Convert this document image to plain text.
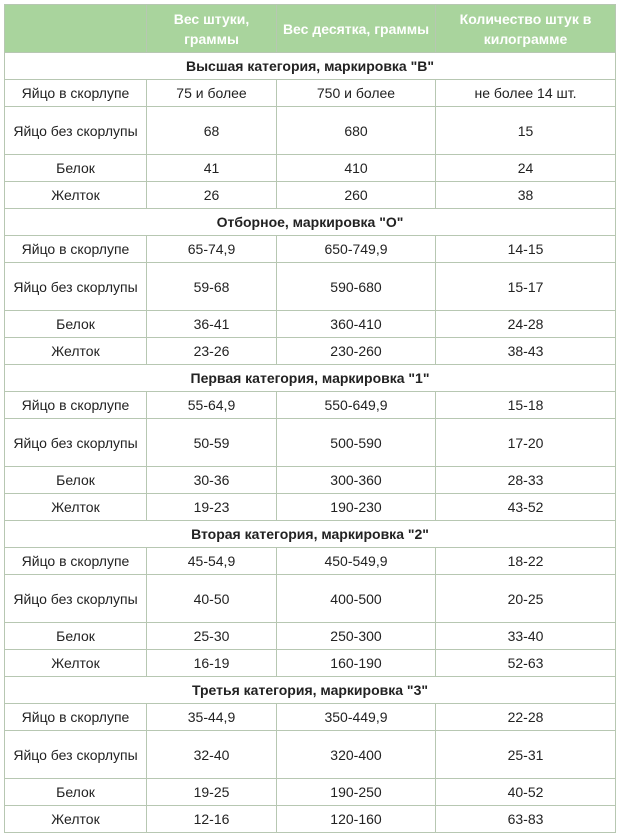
	Вес штуки, граммы	Вес десятка, граммы	Количество штук в килограмме
Высшая категория, маркировка "В"			
Яйцо в скорлупе	75 и более	750 и более	не более 14 шт.
Яйцо без скорлупы	68	680	15
Белок	41	410	24
Желток	26	260	38
Отборное, маркировка "О"			
Яйцо в скорлупе	65-74,9	650-749,9	14-15
Яйцо без скорлупы	59-68	590-680	15-17
Белок	36-41	360-410	24-28
Желток	23-26	230-260	38-43
Первая категория, маркировка "1"			
Яйцо в скорлупе	55-64,9	550-649,9	15-18
Яйцо без скорлупы	50-59	500-590	17-20
Белок	30-36	300-360	28-33
Желток	19-23	190-230	43-52
Вторая категория, маркировка "2"			
Яйцо в скорлупе	45-54,9	450-549,9	18-22
Яйцо без скорлупы	40-50	400-500	20-25
Белок	25-30	250-300	33-40
Желток	16-19	160-190	52-63
Третья категория, маркировка "3"			
Яйцо в скорлупе	35-44,9	350-449,9	22-28
Яйцо без скорлупы	32-40	320-400	25-31
Белок	19-25	190-250	40-52
Желток	12-16	120-160	63-83
